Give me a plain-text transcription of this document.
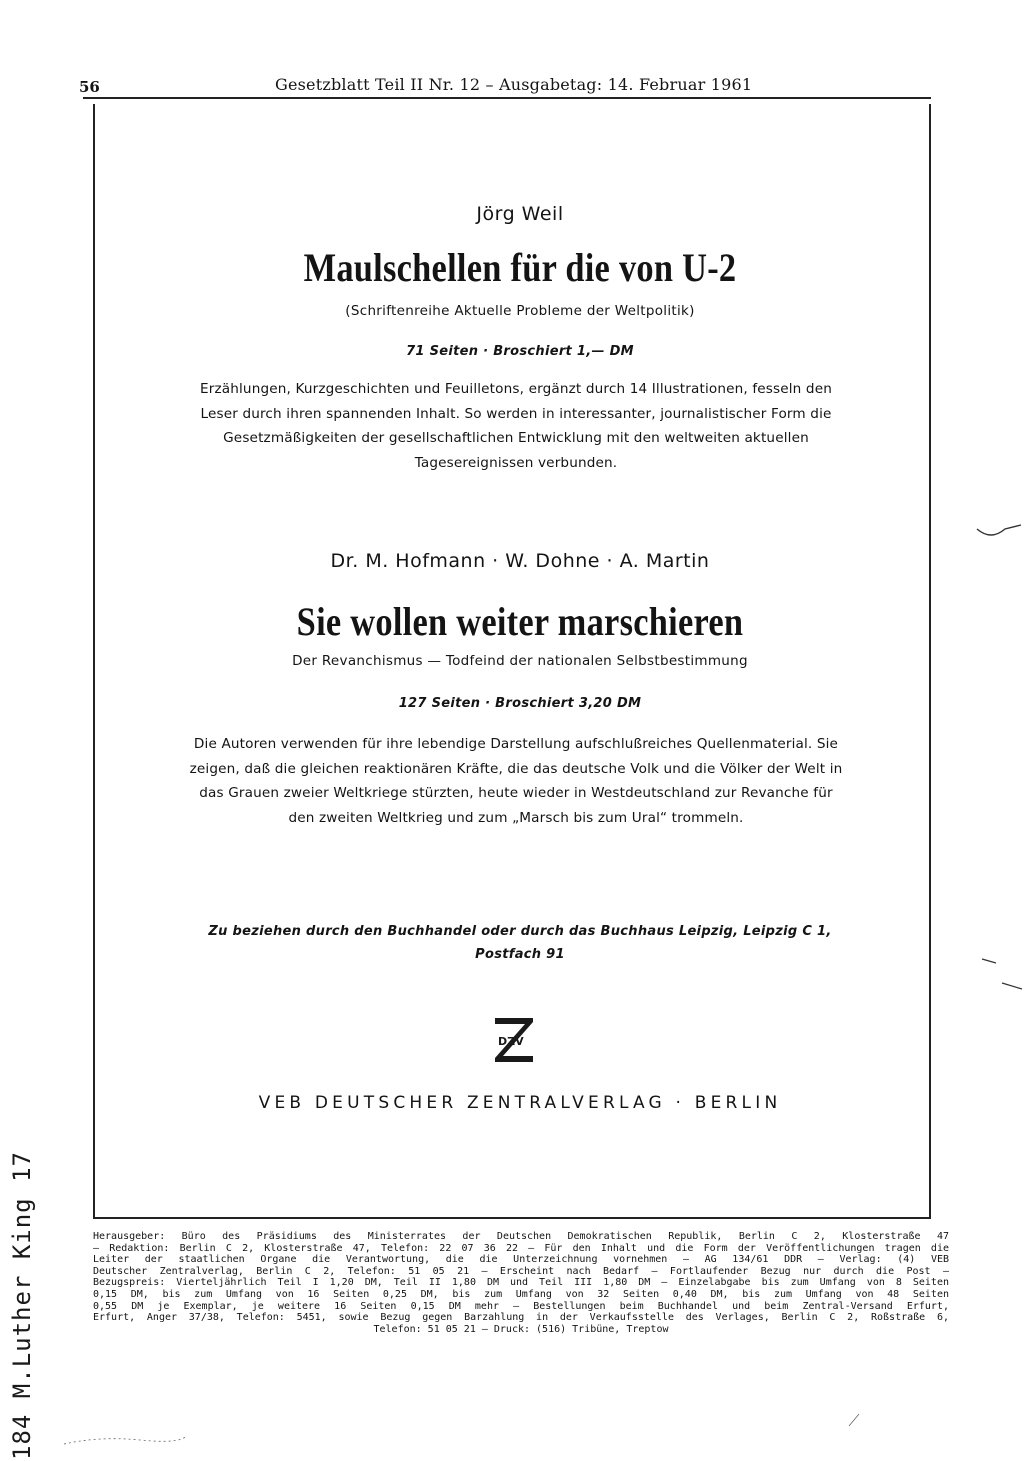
56	Gesetzblatt Teil II Nr. 12 – Ausgabetag: 14. Februar 1961
Jörg Weil
Maulschellen für die von U-2
(Schriftenreihe Aktuelle Probleme der Weltpolitik)
71 Seiten · Broschiert 1,— DM
Erzählungen, Kurzgeschichten und Feuilletons, ergänzt durch 14 Illustrationen, fesseln den Leser durch ihren spannenden Inhalt. So werden in interessanter, journalistischer Form die Gesetzmäßigkeiten der gesellschaftlichen Entwicklung mit den weltweiten aktuellen Tagesereignissen verbunden.
Dr. M. Hofmann · W. Dohne · A. Martin
Sie wollen weiter marschieren
Der Revanchismus — Todfeind der nationalen Selbstbestimmung
127 Seiten · Broschiert 3,20 DM
Die Autoren verwenden für ihre lebendige Darstellung aufschlußreiches Quellenmaterial. Sie zeigen, daß die gleichen reaktionären Kräfte, die das deutsche Volk und die Völker der Welt in das Grauen zweier Weltkriege stürzten, heute wieder in Westdeutschland zur Revanche für den zweiten Weltkrieg und zum „Marsch bis zum Ural“ trommeln.
Zu beziehen durch den Buchhandel oder durch das Buchhaus Leipzig, Leipzig C 1,
Postfach 91
DZV
VEB DEUTSCHER ZENTRALVERLAG · BERLIN
Herausgeber: Büro des Präsidiums des Ministerrates der Deutschen Demokratischen Republik, Berlin C 2, Klosterstraße 47
— Redaktion: Berlin C 2, Klosterstraße 47, Telefon: 22 07 36 22 — Für den Inhalt und die Form der Veröffentlichungen tragen die
Leiter der staatlichen Organe die Verantwortung, die die Unterzeichnung vornehmen — AG 134/61 DDR — Verlag: (4) VEB
Deutscher Zentralverlag, Berlin C 2, Telefon: 51 05 21 — Erscheint nach Bedarf — Fortlaufender Bezug nur durch die Post —
Bezugspreis: Vierteljährlich Teil I 1,20 DM, Teil II 1,80 DM und Teil III 1,80 DM — Einzelabgabe bis zum Umfang von 8 Seiten
0,15 DM, bis zum Umfang von 16 Seiten 0,25 DM, bis zum Umfang von 32 Seiten 0,40 DM, bis zum Umfang von 48 Seiten
0,55 DM je Exemplar, je weitere 16 Seiten 0,15 DM mehr — Bestellungen beim Buchhandel und beim Zentral-Versand Erfurt,
Erfurt, Anger 37/38, Telefon: 5451, sowie Bezug gegen Barzahlung in der Verkaufsstelle des Verlages, Berlin C 2, Roßstraße 6,
Telefon: 51 05 21 — Druck: (516) Tribüne, Treptow
184 M.Luther King 17
